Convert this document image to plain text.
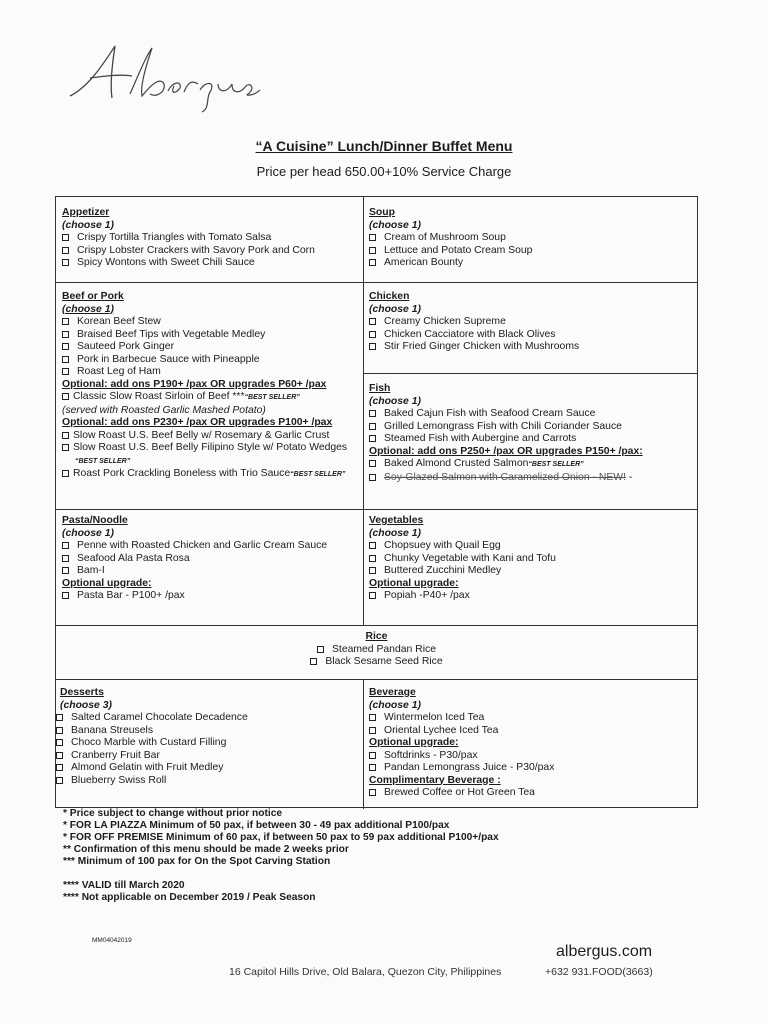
“A Cuisine” Lunch/Dinner Buffet Menu
Price per head 650.00+10% Service Charge
Appetizer
(choose 1)
Crispy Tortilla Triangles with Tomato Salsa
Crispy Lobster Crackers with Savory Pork and Corn
Spicy Wontons with Sweet Chili Sauce
Soup
(choose 1)
Cream of Mushroom Soup
Lettuce and Potato Cream Soup
American Bounty
Beef or Pork
(choose 1)
Korean Beef Stew
Braised Beef Tips with Vegetable Medley
Sauteed Pork Ginger
Pork in Barbecue Sauce with Pineapple
Roast Leg of Ham
Optional: add ons P190+ /pax OR upgrades P60+ /pax
Classic Slow Roast Sirloin of Beef ***“BEST SELLER”
(served with Roasted Garlic Mashed Potato)
Optional: add ons P230+ /pax OR upgrades P100+ /pax
Slow Roast U.S. Beef Belly w/ Rosemary & Garlic Crust
Slow Roast U.S. Beef Belly Filipino Style w/ Potato Wedges “BEST SELLER”
Roast Pork Crackling Boneless with Trio Sauce“BEST SELLER”
Chicken
(choose 1)
Creamy Chicken Supreme
Chicken Cacciatore with Black Olives
Stir Fried Ginger Chicken with Mushrooms
Fish
(choose 1)
Baked Cajun Fish with Seafood Cream Sauce
Grilled Lemongrass Fish with Chili Coriander Sauce
Steamed Fish with Aubergine and Carrots
Optional: add ons P250+ /pax OR upgrades P150+ /pax:
Baked Almond Crusted Salmon“BEST SELLER”
Soy-Glazed Salmon with Caramelized Onion - NEW! -
Pasta/Noodle
(choose 1)
Penne with Roasted Chicken and Garlic Cream Sauce
Seafood Ala Pasta Rosa
Bam-I
Optional upgrade:
Pasta Bar - P100+ /pax
Vegetables
(choose 1)
Chopsuey with Quail Egg
Chunky Vegetable with Kani and Tofu
Buttered Zucchini Medley
Optional upgrade:
Popiah -P40+ /pax
Rice
Steamed Pandan Rice
Black Sesame Seed Rice
Desserts
(choose 3)
Salted Caramel Chocolate Decadence
Banana Streusels
Choco Marble with Custard Filling
Cranberry Fruit Bar
Almond Gelatin with Fruit Medley
Blueberry Swiss Roll
Beverage
(choose 1)
Wintermelon Iced Tea
Oriental Lychee Iced Tea
Optional upgrade:
Softdrinks - P30/pax
Pandan Lemongrass Juice - P30/pax
Complimentary Beverage :
Brewed Coffee or Hot Green Tea
* Price subject to change without prior notice
* FOR LA PIAZZA Minimum of 50 pax, if between 30 - 49 pax additional P100/pax
* FOR OFF PREMISE Minimum of 60 pax, if between 50 pax to 59 pax additional P100+/pax
** Confirmation of this menu should be made 2 weeks prior
*** Minimum of 100 pax for On the Spot Carving Station
**** VALID till March 2020
**** Not applicable on December 2019 / Peak Season
MM04042019
albergus.com
16 Capitol Hills Drive, Old Balara, Quezon City, Philippines	+632 931.FOOD(3663)
